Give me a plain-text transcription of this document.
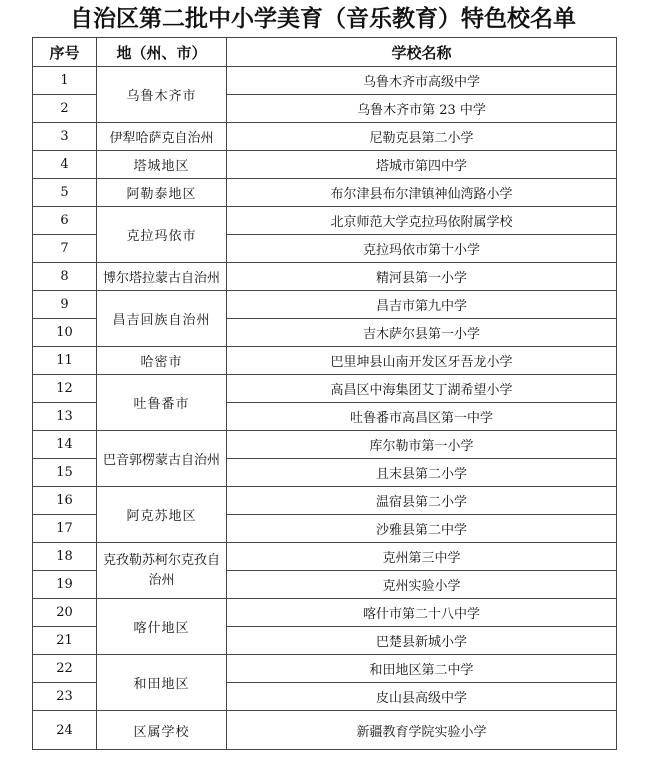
自治区第二批中小学美育（音乐教育）特色校名单
序号	地（州、市）	学校名称
1	乌鲁木齐市	乌鲁木齐市高级中学
2		乌鲁木齐市第 23 中学
3	伊犁哈萨克自治州	尼勒克县第二小学
4	塔城地区	塔城市第四中学
5	阿勒泰地区	布尔津县布尔津镇神仙湾路小学
6	克拉玛依市	北京师范大学克拉玛依附属学校
7		克拉玛依市第十小学
8	博尔塔拉蒙古自治州	精河县第一小学
9	昌吉回族自治州	昌吉市第九中学
10		吉木萨尔县第一小学
11	哈密市	巴里坤县山南开发区牙吾龙小学
12	吐鲁番市	高昌区中海集团艾丁湖希望小学
13		吐鲁番市高昌区第一中学
14	巴音郭楞蒙古自治州	库尔勒市第一小学
15		且末县第二小学
16	阿克苏地区	温宿县第二小学
17		沙雅县第二中学
18	克孜勒苏柯尔克孜自治州	克州第三中学
19		克州实验小学
20	喀什地区	喀什市第二十八中学
21		巴楚县新城小学
22	和田地区	和田地区第二中学
23		皮山县高级中学
24	区属学校	新疆教育学院实验小学
